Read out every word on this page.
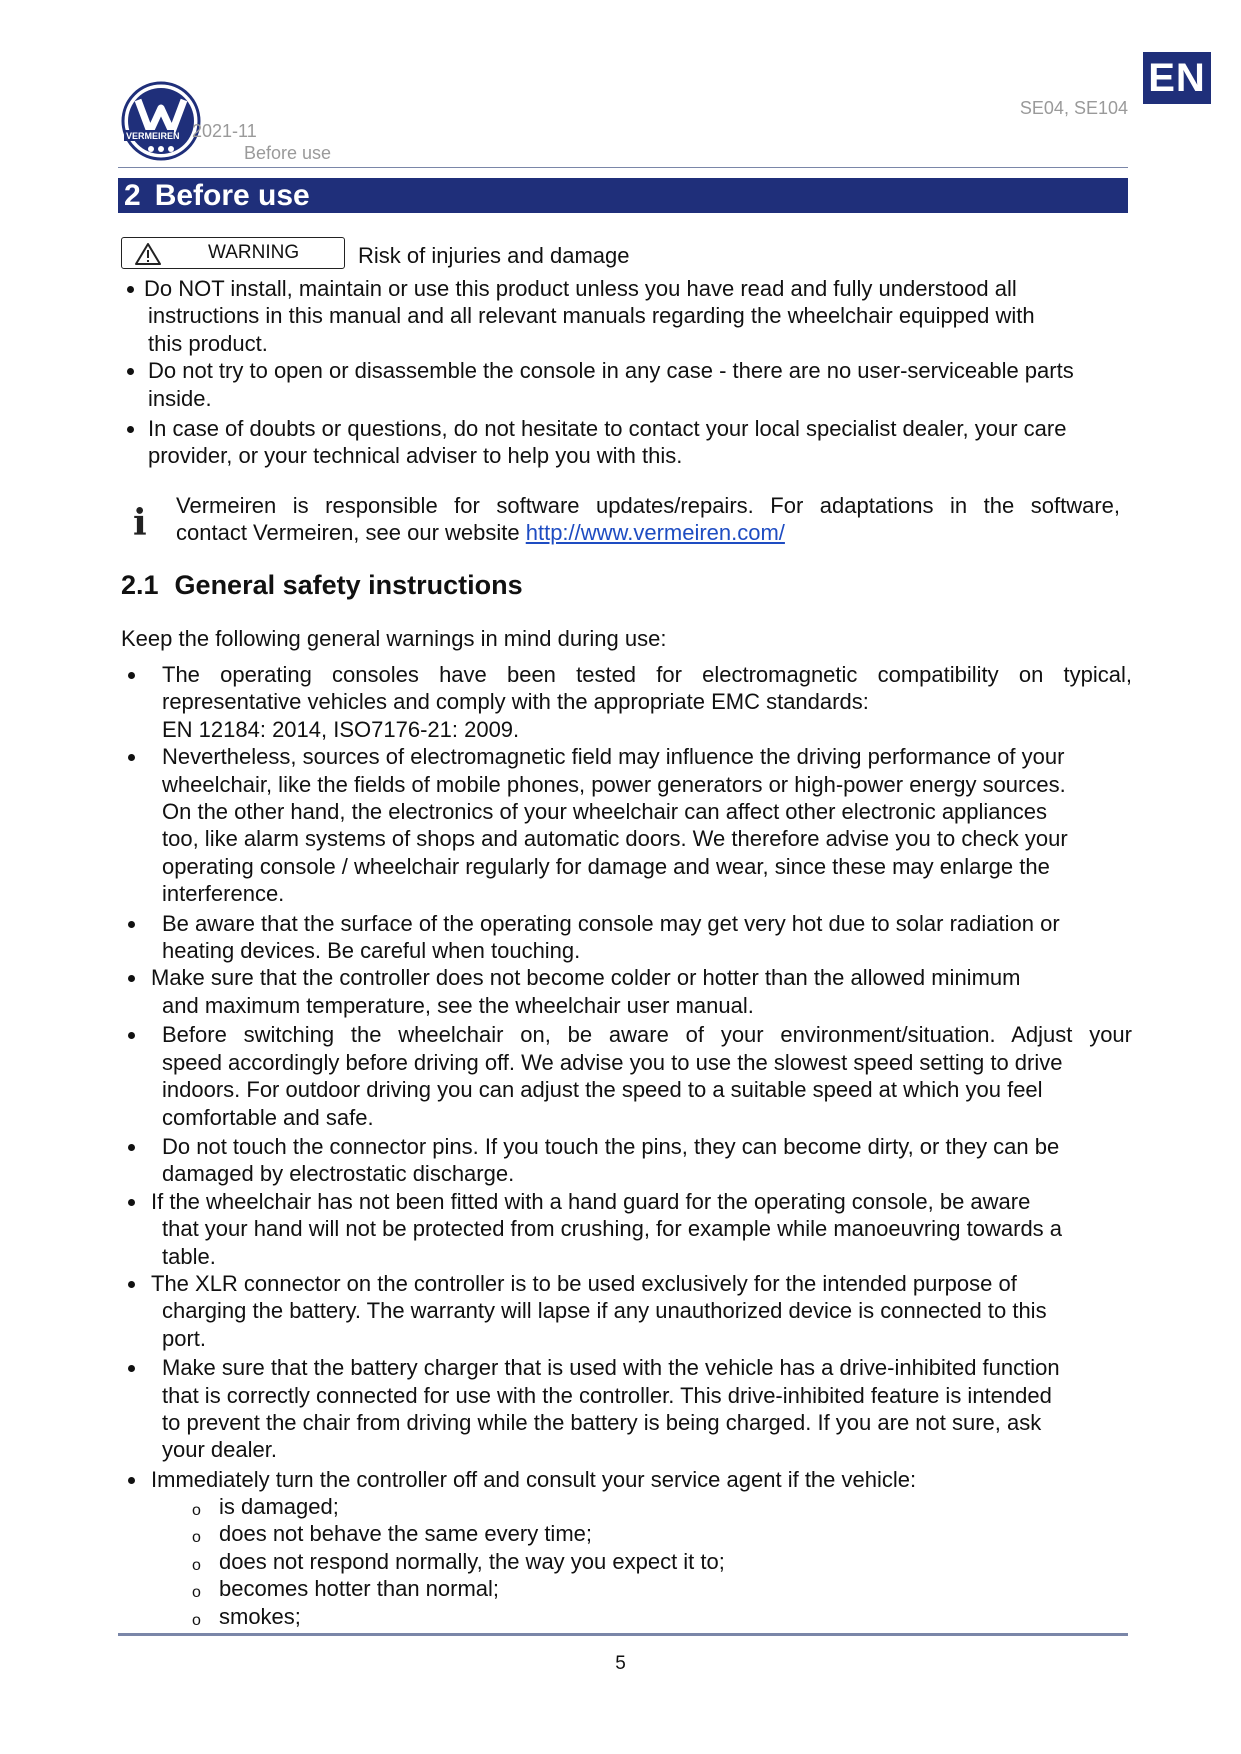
EN
VERMEIREN 2021-11
Before use
SE04, SE104
2 Before use
WARNING	Risk of injuries and damage
Do NOT install, maintain or use this product unless you have read and fully understood all
instructions in this manual and all relevant manuals regarding the wheelchair equipped with
this product.
Do not try to open or disassemble the console in any case - there are no user-serviceable parts
inside.
In case of doubts or questions, do not hesitate to contact your local specialist dealer, your care
provider, or your technical adviser to help you with this.
i Vermeiren is responsible for software updates/repairs. For adaptations in the software,
contact Vermeiren, see our website http://www.vermeiren.com/
2.1 General safety instructions
Keep the following general warnings in mind during use:
The operating consoles have been tested for electromagnetic compatibility on typical,
representative vehicles and comply with the appropriate EMC standards:
EN 12184: 2014, ISO7176-21: 2009.
Nevertheless, sources of electromagnetic field may influence the driving performance of your
wheelchair, like the fields of mobile phones, power generators or high-power energy sources.
On the other hand, the electronics of your wheelchair can affect other electronic appliances
too, like alarm systems of shops and automatic doors. We therefore advise you to check your
operating console / wheelchair regularly for damage and wear, since these may enlarge the
interference.
Be aware that the surface of the operating console may get very hot due to solar radiation or
heating devices. Be careful when touching.
Make sure that the controller does not become colder or hotter than the allowed minimum
and maximum temperature, see the wheelchair user manual.
Before switching the wheelchair on, be aware of your environment/situation. Adjust your
speed accordingly before driving off. We advise you to use the slowest speed setting to drive
indoors. For outdoor driving you can adjust the speed to a suitable speed at which you feel
comfortable and safe.
Do not touch the connector pins. If you touch the pins, they can become dirty, or they can be
damaged by electrostatic discharge.
If the wheelchair has not been fitted with a hand guard for the operating console, be aware
that your hand will not be protected from crushing, for example while manoeuvring towards a
table.
The XLR connector on the controller is to be used exclusively for the intended purpose of
charging the battery. The warranty will lapse if any unauthorized device is connected to this
port.
Make sure that the battery charger that is used with the vehicle has a drive-inhibited function
that is correctly connected for use with the controller. This drive-inhibited feature is intended
to prevent the chair from driving while the battery is being charged. If you are not sure, ask
your dealer.
Immediately turn the controller off and consult your service agent if the vehicle:
o is damaged;
o does not behave the same every time;
o does not respond normally, the way you expect it to;
o becomes hotter than normal;
o smokes;
5
